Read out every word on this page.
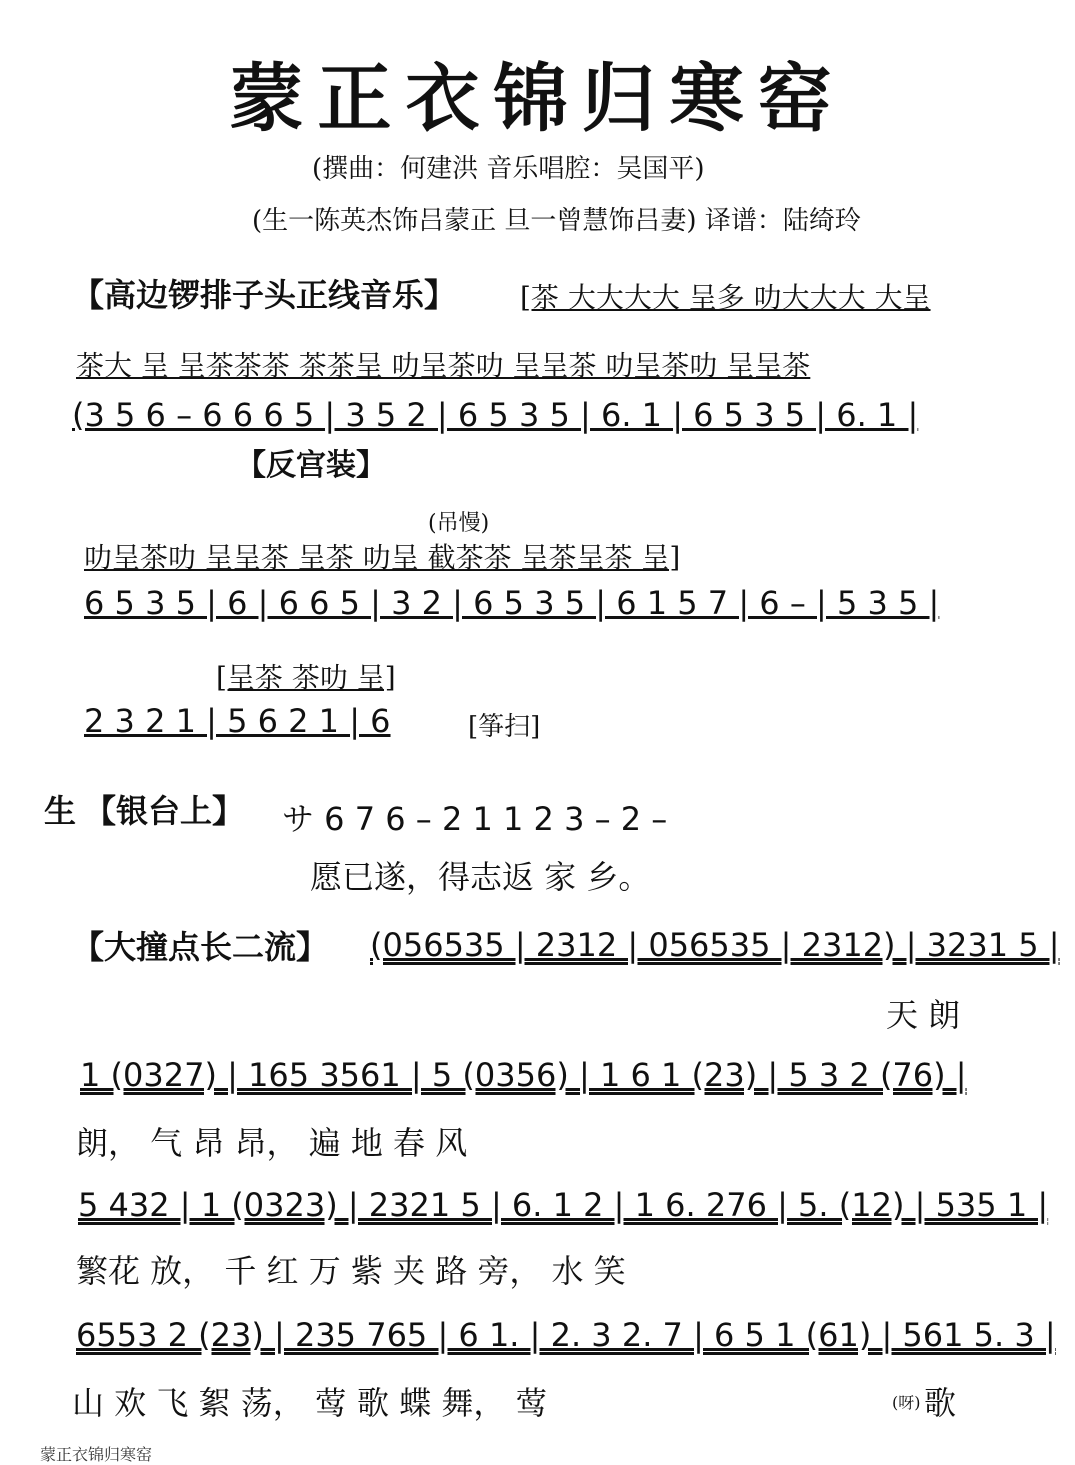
蒙正衣锦归寒窑
(撰曲：何建洪 音乐唱腔：吴国平)
(生一陈英杰饰吕蒙正 旦一曾慧饰吕妻) 译谱：陆绮玲
【高边锣排子头正线音乐】 [茶 大大大大 呈多 叻大大大 大呈
茶大 呈 呈茶茶茶 茶茶呈 叻呈茶叻 呈呈茶 叻呈茶叻 呈呈茶
(3 5 6 – 6 6 6 5 | 3 5 2 | 6 5 3 5 | 6. 1 | 6 5 3 5 | 6. 1 |
【反宫装】
(吊慢)
叻呈茶叻 呈呈茶 呈茶 叻呈 截茶茶 呈茶呈茶 呈]
6 5 3 5 | 6 | 6 6 5 | 3 2 | 6 5 3 5 | 6 1 5 7 | 6 – | 5 3 5 |
[呈茶 茶叻 呈]
2 3 2 1 | 5 6 2 1 | 6	[筝扫]
生 【银台上】 サ 6 7 6 – 2 1 1 2 3 – 2 –
愿已遂，得志返 家 乡。
【大撞点长二流】 (056535 | 2312 | 056535 | 2312) | 3231 5 |
天 朗
1 (0327) | 165 3561 | 5 (0356) | 1 6 1 (23) | 5 3 2 (76) |
朗， 气 昂 昂， 遍 地 春 风
5 432 | 1 (0323) | 2321 5 | 6. 1 2 | 1 6. 276 | 5. (12) | 535 1 |
繁花 放， 千 红 万 紫 夹 路 旁， 水 笑
6553 2 (23) | 235 765 | 6 1. | 2. 3 2. 7 | 6 5 1 (61) | 561 5. 3 |
山 欢 飞 絮 荡， 莺 歌 蝶 舞， 莺	(呀) 歌
蒙正衣锦归寒窑
